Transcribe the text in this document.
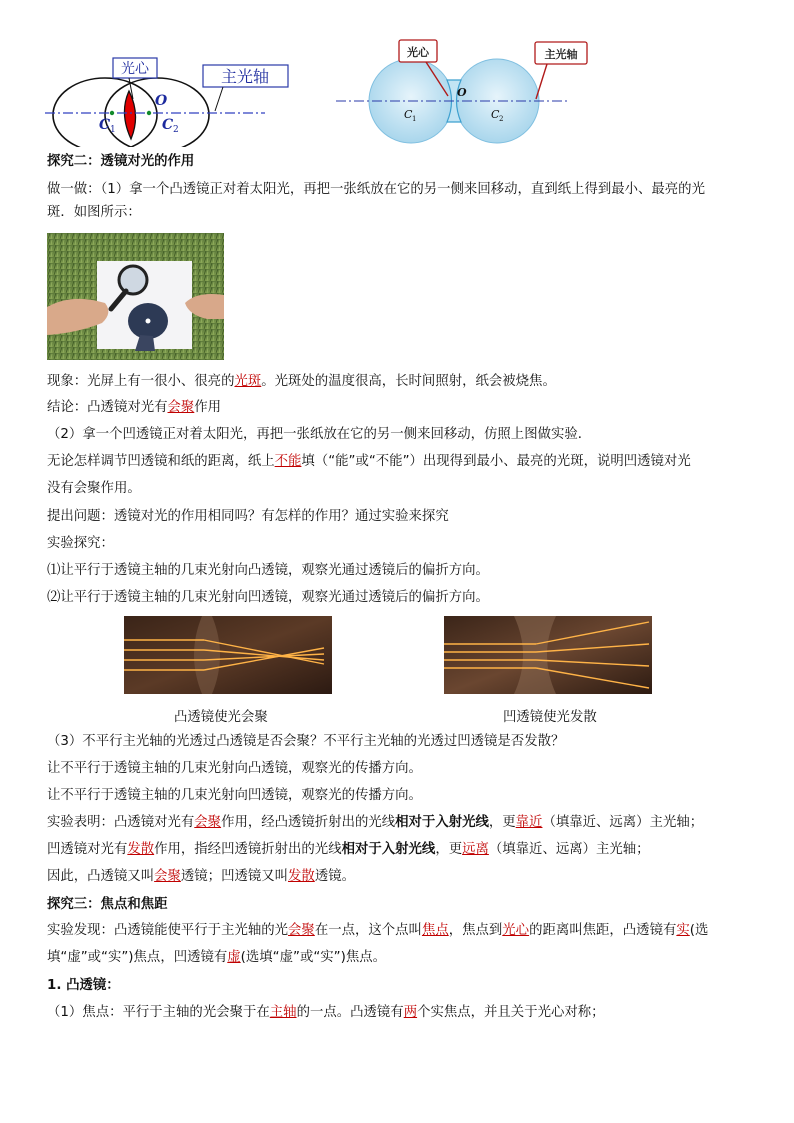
光心	主光轴
O
C 1	C 2
光心	主光轴
O
C 1	C 2
探究二：透镜对光的作用
做一做：（1）拿一个凸透镜正对着太阳光，再把一张纸放在它的另一侧来回移动，直到纸上得到最小、最亮的光
斑．如图所示：
现象：光屏上有一很小、很亮的光斑。光斑处的温度很高，长时间照射，纸会被烧焦。
结论：凸透镜对光有会聚作用
（2）拿一个凹透镜正对着太阳光，再把一张纸放在它的另一侧来回移动，仿照上图做实验．
无论怎样调节凹透镜和纸的距离，纸上不能填（“能”或“不能”）出现得到最小、最亮的光斑，说明凹透镜对光
没有会聚作用。
提出问题：透镜对光的作用相同吗？有怎样的作用？通过实验来探究
实验探究：
⑴让平行于透镜主轴的几束光射向凸透镜，观察光通过透镜后的偏折方向。
⑵让平行于透镜主轴的几束光射向凹透镜，观察光通过透镜后的偏折方向。
凸透镜使光会聚	凹透镜使光发散
（3）不平行主光轴的光透过凸透镜是否会聚？不平行主光轴的光透过凹透镜是否发散？
让不平行于透镜主轴的几束光射向凸透镜，观察光的传播方向。
让不平行于透镜主轴的几束光射向凹透镜，观察光的传播方向。
实验表明：凸透镜对光有会聚作用，经凸透镜折射出的光线相对于入射光线，更靠近（填靠近、远离）主光轴；
凹透镜对光有发散作用，指经凹透镜折射出的光线相对于入射光线，更远离（填靠近、远离）主光轴；
因此，凸透镜又叫会聚透镜；凹透镜又叫发散透镜。
探究三：焦点和焦距
实验发现：凸透镜能使平行于主光轴的光会聚在一点，这个点叫焦点，焦点到光心的距离叫焦距，凸透镜有实(选
填“虚”或“实”)焦点，凹透镜有虚(选填“虚”或“实”)焦点。
1. 凸透镜：
（1）焦点：平行于主轴的光会聚于在主轴的一点。凸透镜有两个实焦点，并且关于光心对称；
